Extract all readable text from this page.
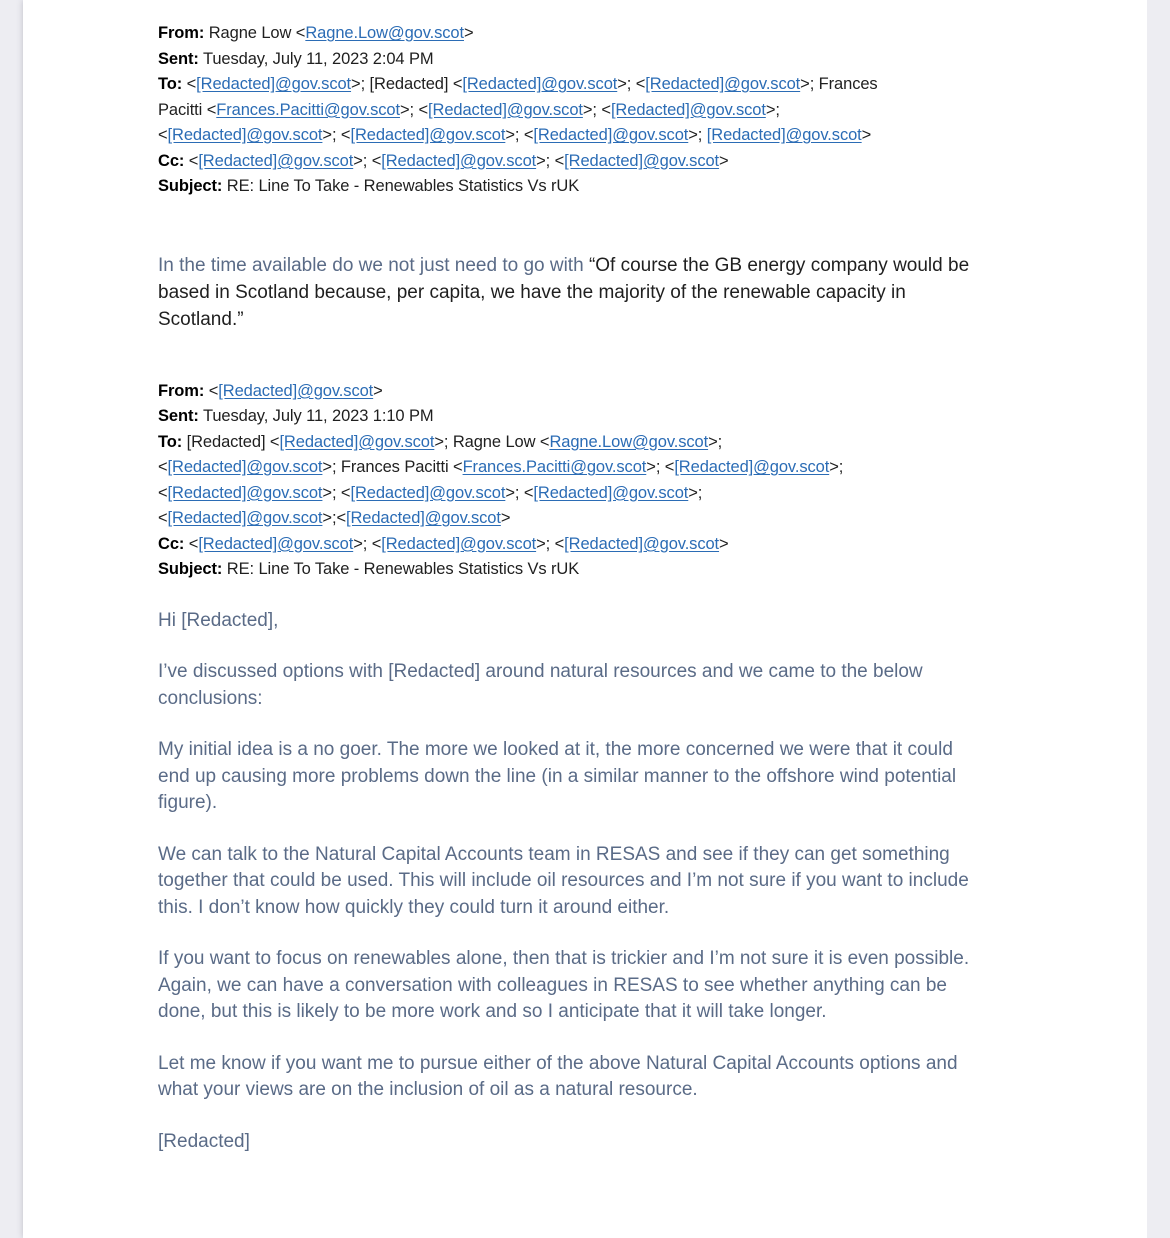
From: Ragne Low <Ragne.Low@gov.scot>

Sent: Tuesday, July 11, 2023 2:04 PM

To: <[Redacted]@gov.scot>; [Redacted] <[Redacted]@gov.scot>; <[Redacted]@gov.scot>; Frances

Pacitti <Frances.Pacitti@gov.scot>; <[Redacted]@gov.scot>; <[Redacted]@gov.scot>;

<[Redacted]@gov.scot>; <[Redacted]@gov.scot>; <[Redacted]@gov.scot>; [Redacted]@gov.scot>

Cc: <[Redacted]@gov.scot>; <[Redacted]@gov.scot>; <[Redacted]@gov.scot>

Subject: RE: Line To Take - Renewables Statistics Vs rUK

In the time available do we not just need to go with “Of course the GB energy company would be based in Scotland because, per capita, we have the majority of the renewable capacity in Scotland.”

From: <[Redacted]@gov.scot>

Sent: Tuesday, July 11, 2023 1:10 PM

To: [Redacted] <[Redacted]@gov.scot>; Ragne Low <Ragne.Low@gov.scot>;

<[Redacted]@gov.scot>; Frances Pacitti <Frances.Pacitti@gov.scot>; <[Redacted]@gov.scot>;

<[Redacted]@gov.scot>; <[Redacted]@gov.scot>; <[Redacted]@gov.scot>;

<[Redacted]@gov.scot>;<[Redacted]@gov.scot>

Cc: <[Redacted]@gov.scot>; <[Redacted]@gov.scot>; <[Redacted]@gov.scot>

Subject: RE: Line To Take - Renewables Statistics Vs rUK

Hi [Redacted],

I’ve discussed options with [Redacted] around natural resources and we came to the below conclusions:

My initial idea is a no goer. The more we looked at it, the more concerned we were that it could end up causing more problems down the line (in a similar manner to the offshore wind potential figure).

We can talk to the Natural Capital Accounts team in RESAS and see if they can get something together that could be used. This will include oil resources and I’m not sure if you want to include this. I don’t know how quickly they could turn it around either.

If you want to focus on renewables alone, then that is trickier and I’m not sure it is even possible. Again, we can have a conversation with colleagues in RESAS to see whether anything can be done, but this is likely to be more work and so I anticipate that it will take longer.

Let me know if you want me to pursue either of the above Natural Capital Accounts options and what your views are on the inclusion of oil as a natural resource.

[Redacted]
